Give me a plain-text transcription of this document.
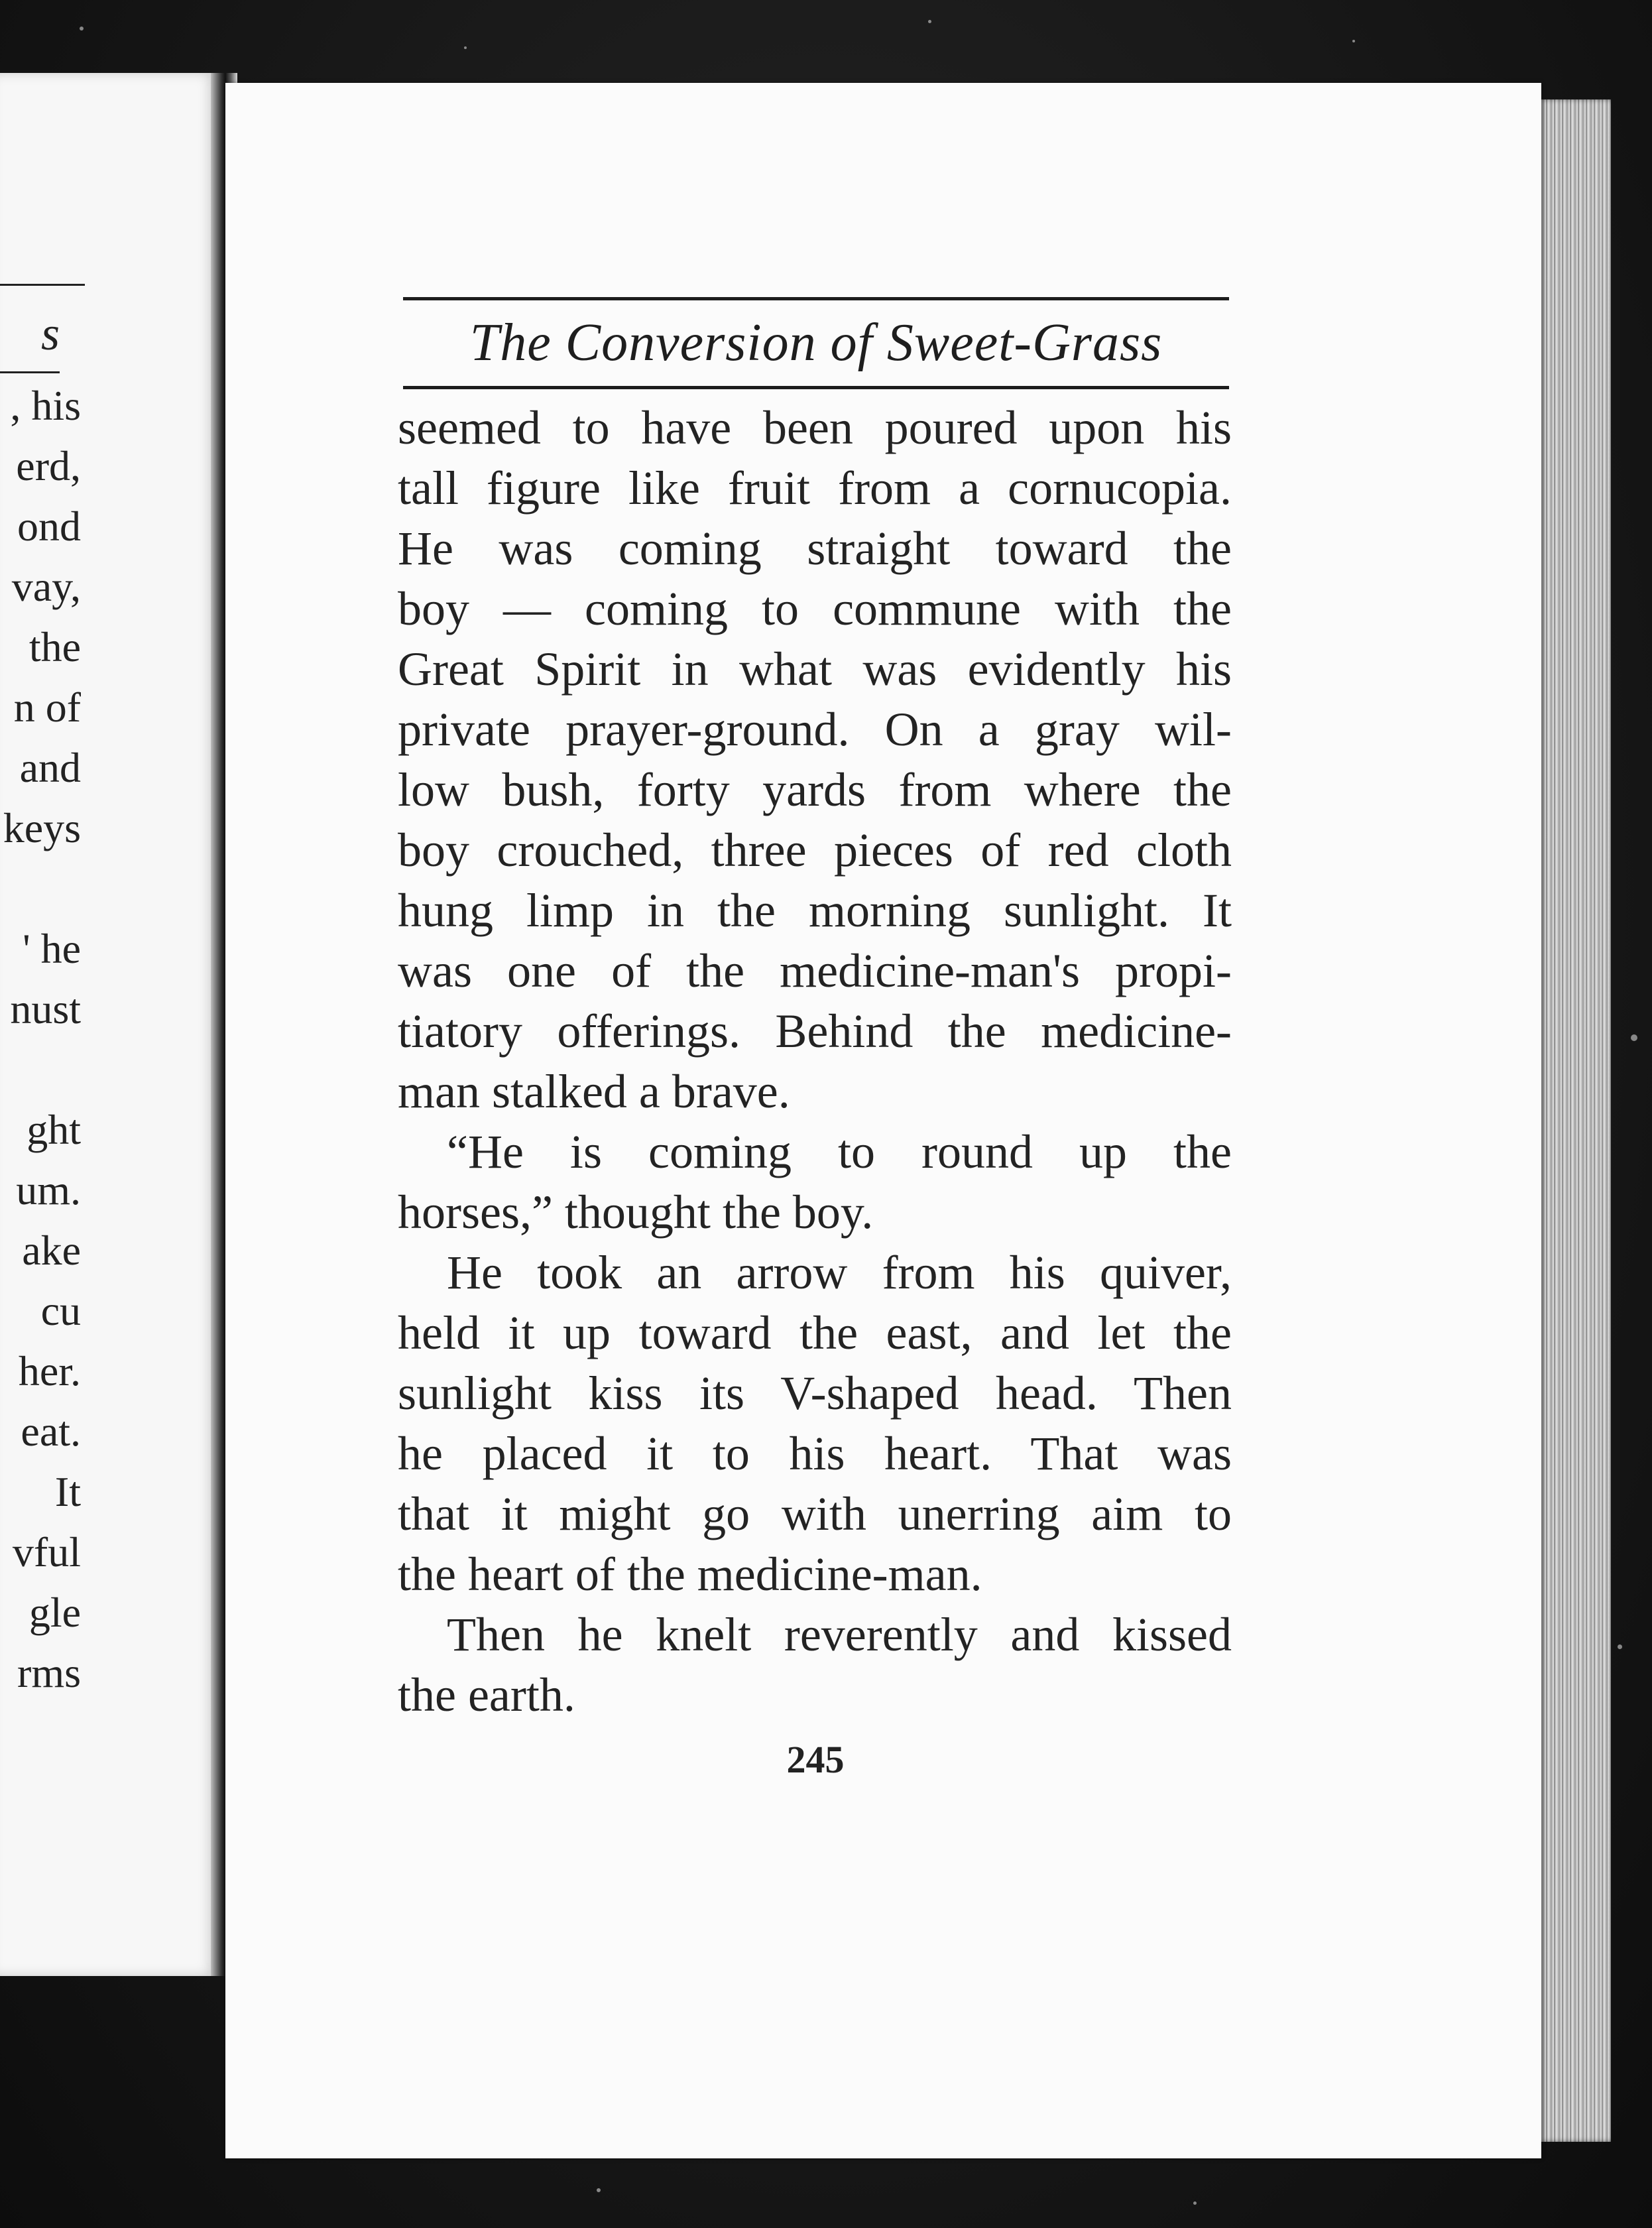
s
, his
erd,
ond
vay,
the
n of
and
keys
' he
nust
ght
um.
ake
cu
her.
eat.
It
vful
gle
rms
The Conversion of Sweet-Grass
seemed to have been poured upon his
tall figure like fruit from a cornucopia.
He was coming straight toward the
boy — coming to commune with the
Great Spirit in what was evidently his
private prayer-ground. On a gray wil-
low bush, forty yards from where the
boy crouched, three pieces of red cloth
hung limp in the morning sunlight. It
was one of the medicine-man's propi-
tiatory offerings. Behind the medicine-
man stalked a brave.
“He is coming to round up the
horses,” thought the boy.
He took an arrow from his quiver,
held it up toward the east, and let the
sunlight kiss its V-shaped head. Then
he placed it to his heart. That was
that it might go with unerring aim to
the heart of the medicine-man.
Then he knelt reverently and kissed
the earth.
245
